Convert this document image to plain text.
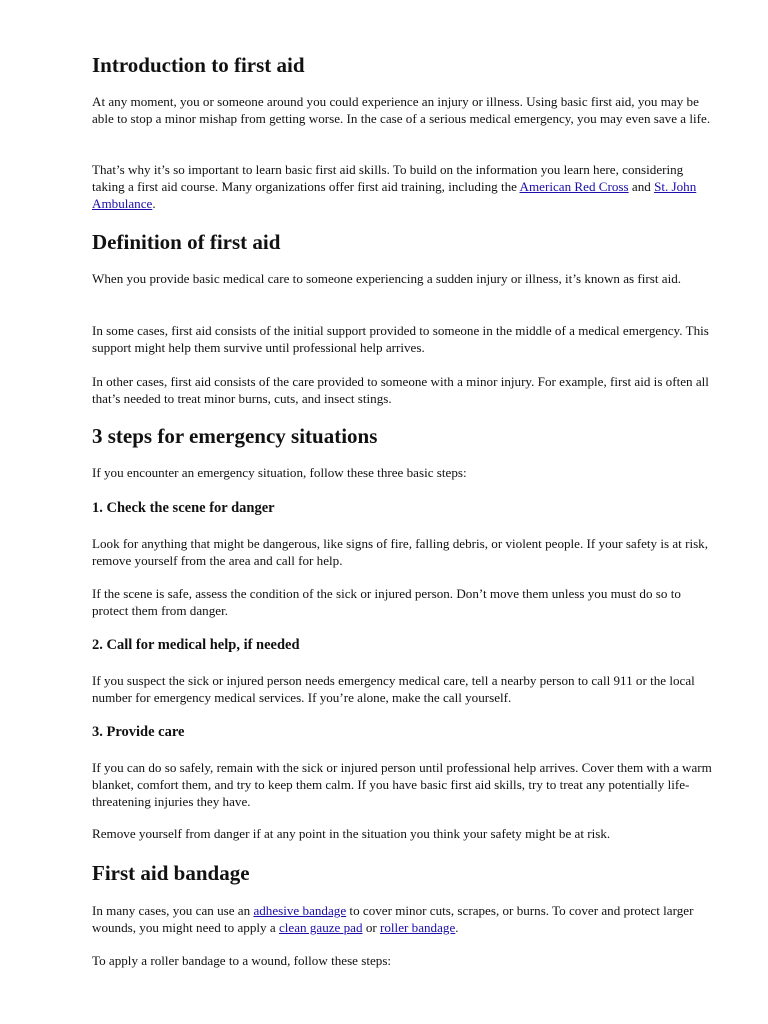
Introduction to first aid

At any moment, you or someone around you could experience an injury or illness. Using basic first aid, you may be able to stop a minor mishap from getting worse. In the case of a serious medical emergency, you may even save a life.

That’s why it’s so important to learn basic first aid skills. To build on the information you learn here, considering taking a first aid course. Many organizations offer first aid training, including the American Red Cross and St. John Ambulance.

Definition of first aid

When you provide basic medical care to someone experiencing a sudden injury or illness, it’s known as first aid.

In some cases, first aid consists of the initial support provided to someone in the middle of a medical emergency. This support might help them survive until professional help arrives.

In other cases, first aid consists of the care provided to someone with a minor injury. For example, first aid is often all that’s needed to treat minor burns, cuts, and insect stings.

3 steps for emergency situations

If you encounter an emergency situation, follow these three basic steps:

1. Check the scene for danger

Look for anything that might be dangerous, like signs of fire, falling debris, or violent people. If your safety is at risk, remove yourself from the area and call for help.

If the scene is safe, assess the condition of the sick or injured person. Don’t move them unless you must do so to protect them from danger.

2. Call for medical help, if needed

If you suspect the sick or injured person needs emergency medical care, tell a nearby person to call 911 or the local number for emergency medical services. If you’re alone, make the call yourself.

3. Provide care

If you can do so safely, remain with the sick or injured person until professional help arrives. Cover them with a warm blanket, comfort them, and try to keep them calm. If you have basic first aid skills, try to treat any potentially life-threatening injuries they have.

Remove yourself from danger if at any point in the situation you think your safety might be at risk.

First aid bandage

In many cases, you can use an adhesive bandage to cover minor cuts, scrapes, or burns. To cover and protect larger wounds, you might need to apply a clean gauze pad or roller bandage.

To apply a roller bandage to a wound, follow these steps:
